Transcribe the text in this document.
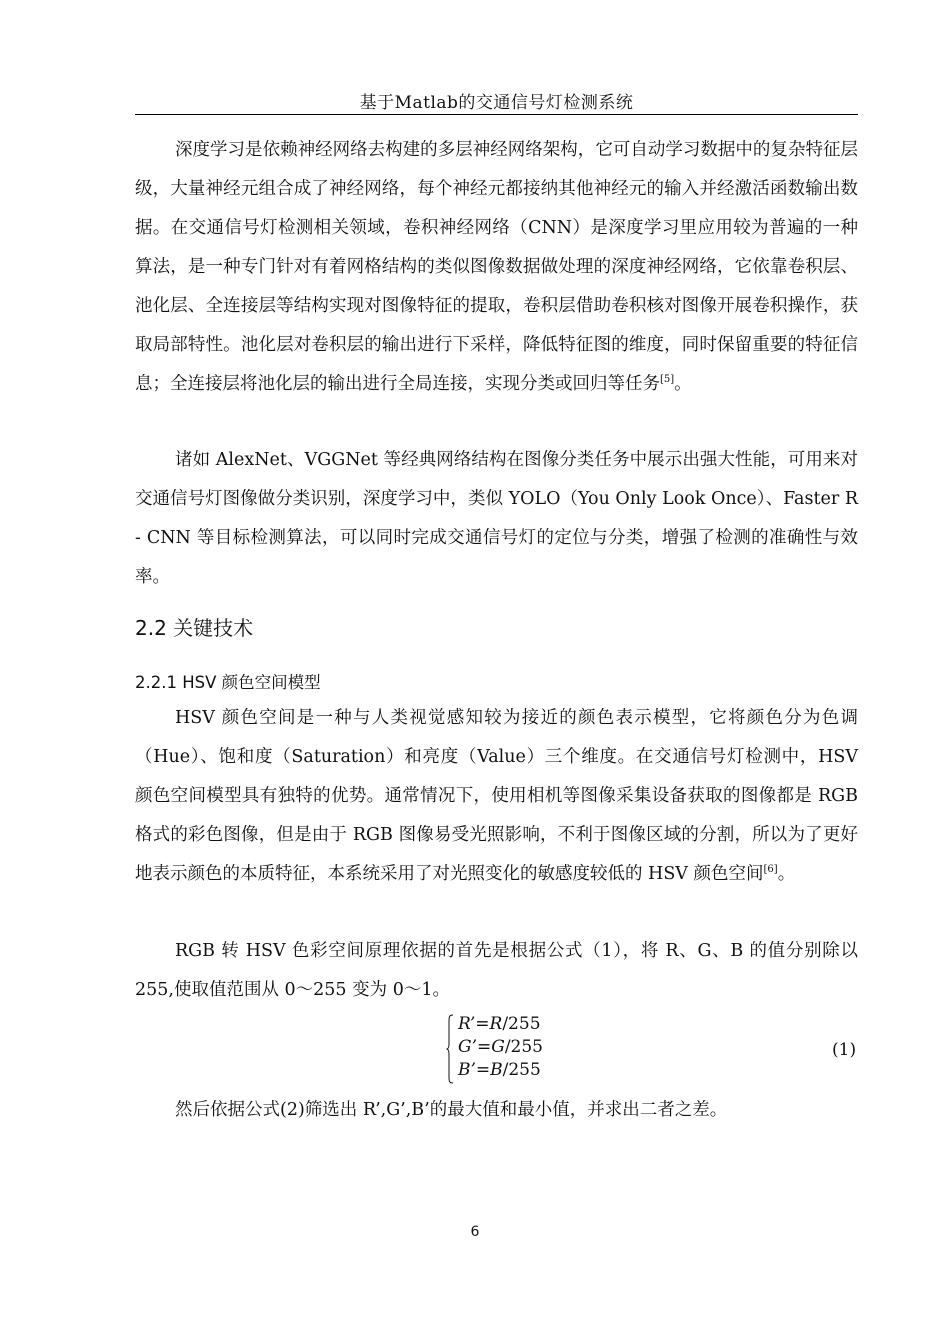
基于Matlab的交通信号灯检测系统

深度学习是依赖神经网络去构建的多层神经网络架构，它可自动学习数据中的复杂特征层级，大量神经元组合成了神经网络，每个神经元都接纳其他神经元的输入并经激活函数输出数据。在交通信号灯检测相关领域，卷积神经网络（CNN）是深度学习里应用较为普遍的一种算法，是一种专门针对有着网格结构的类似图像数据做处理的深度神经网络，它依靠卷积层、池化层、全连接层等结构实现对图像特征的提取，卷积层借助卷积核对图像开展卷积操作，获取局部特性。池化层对卷积层的输出进行下采样，降低特征图的维度，同时保留重要的特征信息；全连接层将池化层的输出进行全局连接，实现分类或回归等任务[5]。

诸如 AlexNet、VGGNet 等经典网络结构在图像分类任务中展示出强大性能，可用来对交通信号灯图像做分类识别，深度学习中，类似 YOLO（You Only Look Once）、Faster R - CNN 等目标检测算法，可以同时完成交通信号灯的定位与分类，增强了检测的准确性与效率。

2.2 关键技术
2.2.1 HSV 颜色空间模型

HSV 颜色空间是一种与人类视觉感知较为接近的颜色表示模型，它将颜色分为色调（Hue）、饱和度（Saturation）和亮度（Value）三个维度。在交通信号灯检测中，HSV 颜色空间模型具有独特的优势。通常情况下，使用相机等图像采集设备获取的图像都是 RGB 格式的彩色图像，但是由于 RGB 图像易受光照影响，不利于图像区域的分割，所以为了更好地表示颜色的本质特征，本系统采用了对光照变化的敏感度较低的 HSV 颜色空间[6]。

RGB 转 HSV 色彩空间原理依据的首先是根据公式（1），将 R、G、B 的值分别除以 255,使取值范围从 0～255 变为 0～1。

R’=R/255
G’=G/255
B’=B/255
(1)

然后依据公式(2)筛选出 R’,G’,B’的最大值和最小值，并求出二者之差。

6
